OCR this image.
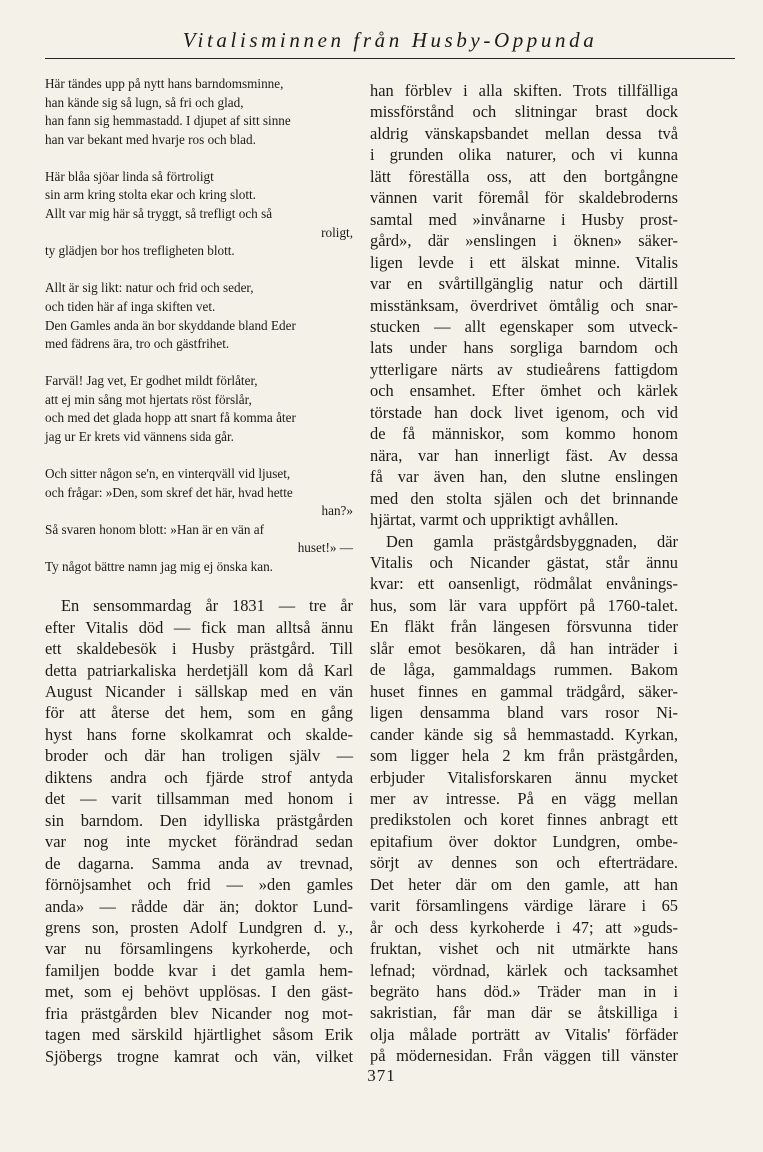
Vitalisminnen från Husby-Oppunda
Här tändes upp på nytt hans barndomsminne,
han kände sig så lugn, så fri och glad,
han fann sig hemmastadd. I djupet af sitt sinne
han var bekant med hvarje ros och blad.
Här blåa sjöar linda så förtroligt
sin arm kring stolta ekar och kring slott.
Allt var mig här så tryggt, så trefligt och så
roligt,
ty glädjen bor hos trefligheten blott.
Allt är sig likt: natur och frid och seder,
och tiden här af inga skiften vet.
Den Gamles anda än bor skyddande bland Eder
med fädrens ära, tro och gästfrihet.
Farväl! Jag vet, Er godhet mildt förlåter,
att ej min sång mot hjertats röst förslår,
och med det glada hopp att snart få komma åter
jag ur Er krets vid vännens sida går.
Och sitter någon se'n, en vinterqväll vid ljuset,
och frågar: »Den, som skref det här, hvad hette
han?»
Så svaren honom blott: »Han är en vän af
huset!» —
Ty något bättre namn jag mig ej önska kan.
En sensommardag år 1831 — tre år
efter Vitalis död — fick man alltså ännu
ett skaldebesök i Husby prästgård. Till
detta patriarkaliska herdetjäll kom då Karl
August Nicander i sällskap med en vän
för att återse det hem, som en gång
hyst hans forne skolkamrat och skalde-
broder och där han troligen själv —
diktens andra och fjärde strof antyda
det — varit tillsamman med honom i
sin barndom. Den idylliska prästgården
var nog inte mycket förändrad sedan
de dagarna. Samma anda av trevnad,
förnöjsamhet och frid — »den gamles
anda» — rådde där än; doktor Lund-
grens son, prosten Adolf Lundgren d. y.,
var nu församlingens kyrkoherde, och
familjen bodde kvar i det gamla hem-
met, som ej behövt upplösas. I den gäst-
fria prästgården blev Nicander nog mot-
tagen med särskild hjärtlighet såsom Erik
Sjöbergs trogne kamrat och vän, vilket
han förblev i alla skiften. Trots tillfälliga
missförstånd och slitningar brast dock
aldrig vänskapsbandet mellan dessa två
i grunden olika naturer, och vi kunna
lätt föreställa oss, att den bortgångne
vännen varit föremål för skaldebroderns
samtal med »invånarne i Husby prost-
gård», där »enslingen i öknen» säker-
ligen levde i ett älskat minne. Vitalis
var en svårtillgänglig natur och därtill
misstänksam, överdrivet ömtålig och snar-
stucken — allt egenskaper som utveck-
lats under hans sorgliga barndom och
ytterligare närts av studieårens fattigdom
och ensamhet. Efter ömhet och kärlek
törstade han dock livet igenom, och vid
de få människor, som kommo honom
nära, var han innerligt fäst. Av dessa
få var även han, den slutne enslingen
med den stolta själen och det brinnande
hjärtat, varmt och uppriktigt avhållen.
Den gamla prästgårdsbyggnaden, där
Vitalis och Nicander gästat, står ännu
kvar: ett oansenligt, rödmålat envånings-
hus, som lär vara uppfört på 1760-talet.
En fläkt från längesen försvunna tider
slår emot besökaren, då han inträder i
de låga, gammaldags rummen. Bakom
huset finnes en gammal trädgård, säker-
ligen densamma bland vars rosor Ni-
cander kände sig så hemmastadd. Kyrkan,
som ligger hela 2 km från prästgården,
erbjuder Vitalisforskaren ännu mycket
mer av intresse. På en vägg mellan
predikstolen och koret finnes anbragt ett
epitafium över doktor Lundgren, ombe-
sörjt av dennes son och efterträdare.
Det heter där om den gamle, att han
varit församlingens värdige lärare i 65
år och dess kyrkoherde i 47; att »guds-
fruktan, vishet och nit utmärkte hans
lefnad; vördnad, kärlek och tacksamhet
begräto hans död.» Träder man in i
sakristian, får man där se åtskilliga i
olja målade porträtt av Vitalis' förfäder
på mödernesidan. Från väggen till vänster
371
